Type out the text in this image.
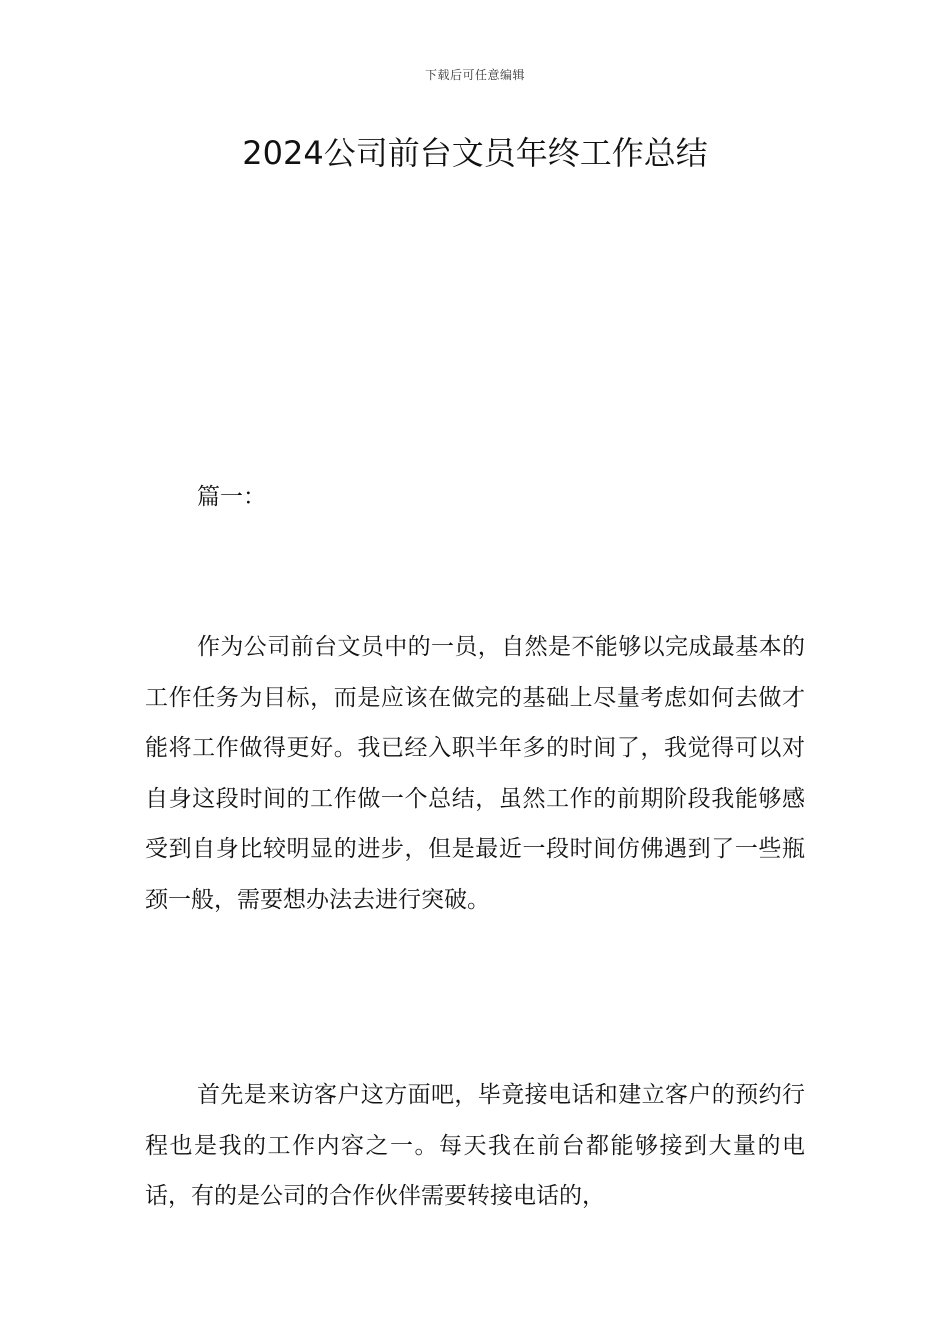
下载后可任意编辑
2024公司前台文员年终工作总结
篇一：

作为公司前台文员中的一员，自然是不能够以完成最基本的工作任务为目标，而是应该在做完的基础上尽量考虑如何去做才能将工作做得更好。我已经入职半年多的时间了，我觉得可以对自身这段时间的工作做一个总结，虽然工作的前期阶段我能够感受到自身比较明显的进步，但是最近一段时间仿佛遇到了一些瓶颈一般，需要想办法去进行突破。

首先是来访客户这方面吧，毕竟接电话和建立客户的预约行程也是我的工作内容之一。每天我在前台都能够接到大量的电话，有的是公司的合作伙伴需要转接电话的，
